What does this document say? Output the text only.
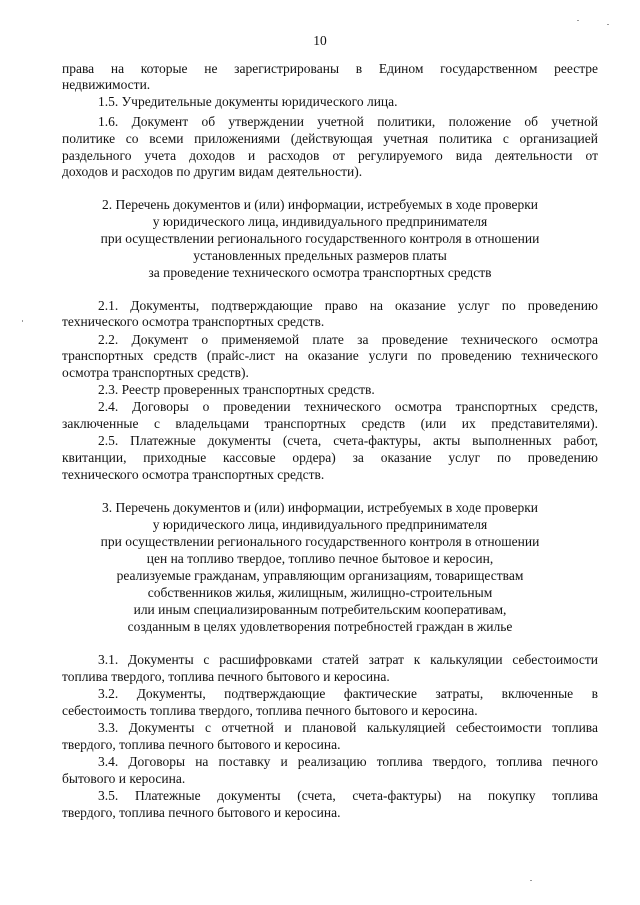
10
права на которые не зарегистрированы в Едином государственном реестре
недвижимости.
1.5. Учредительные документы юридического лица.
1.6. Документ об утверждении учетной политики, положение об учетной
политике со всеми приложениями (действующая учетная политика с организацией
раздельного учета доходов и расходов от регулируемого вида деятельности от
доходов и расходов по другим видам деятельности).
2. Перечень документов и (или) информации, истребуемых в ходе проверки
у юридического лица, индивидуального предпринимателя
при осуществлении регионального государственного контроля в отношении
установленных предельных размеров платы
за проведение технического осмотра транспортных средств
2.1. Документы, подтверждающие право на оказание услуг по проведению
технического осмотра транспортных средств.
2.2. Документ о применяемой плате за проведение технического осмотра
транспортных средств (прайс-лист на оказание услуги по проведению технического
осмотра транспортных средств).
2.3. Реестр проверенных транспортных средств.
2.4. Договоры о проведении технического осмотра транспортных средств,
заключенные с владельцами транспортных средств (или их представителями).
2.5. Платежные документы (счета, счета-фактуры, акты выполненных работ,
квитанции, приходные кассовые ордера) за оказание услуг по проведению
технического осмотра транспортных средств.
3. Перечень документов и (или) информации, истребуемых в ходе проверки
у юридического лица, индивидуального предпринимателя
при осуществлении регионального государственного контроля в отношении
цен на топливо твердое, топливо печное бытовое и керосин,
реализуемые гражданам, управляющим организациям, товариществам
собственников жилья, жилищным, жилищно-строительным
или иным специализированным потребительским кооперативам,
созданным в целях удовлетворения потребностей граждан в жилье
3.1. Документы с расшифровками статей затрат к калькуляции себестоимости
топлива твердого, топлива печного бытового и керосина.
3.2. Документы, подтверждающие фактические затраты, включенные в
себестоимость топлива твердого, топлива печного бытового и керосина.
3.3. Документы с отчетной и плановой калькуляцией себестоимости топлива
твердого, топлива печного бытового и керосина.
3.4. Договоры на поставку и реализацию топлива твердого, топлива печного
бытового и керосина.
3.5. Платежные документы (счета, счета-фактуры) на покупку топлива
твердого, топлива печного бытового и керосина.
